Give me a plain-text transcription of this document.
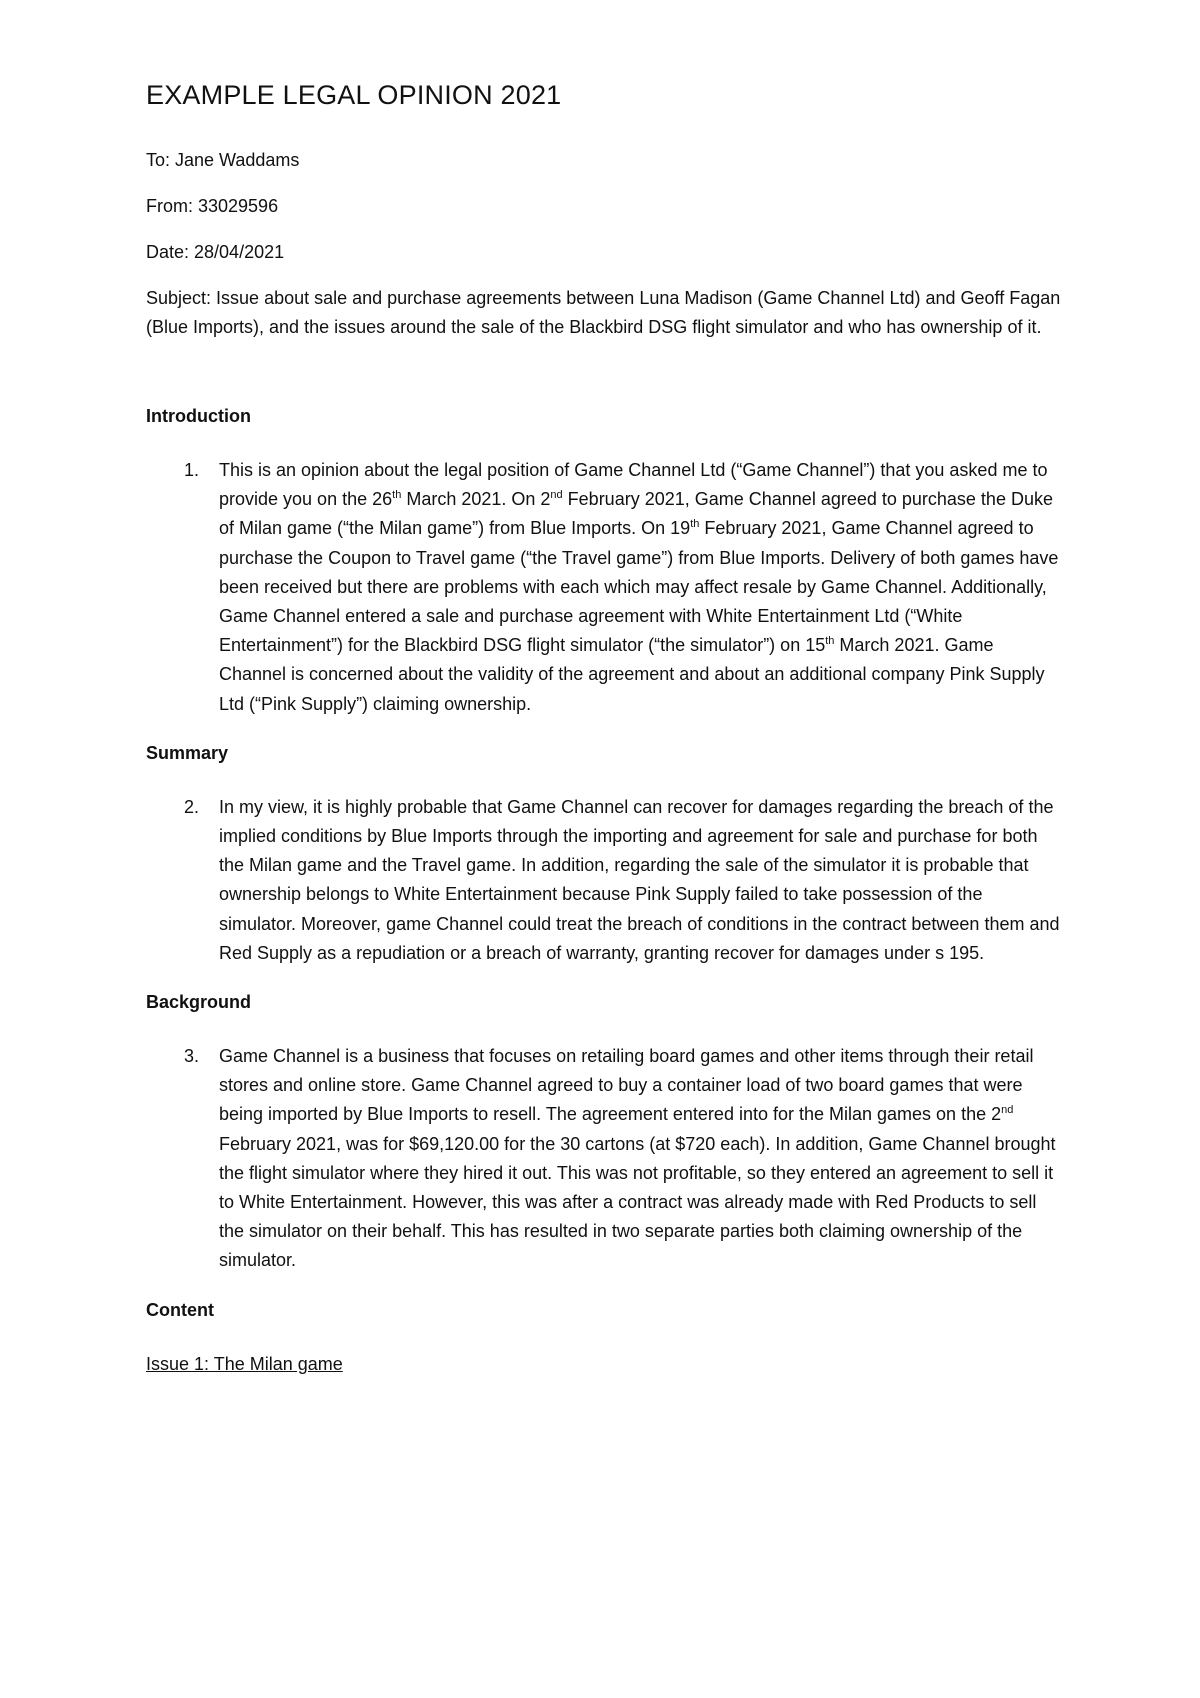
EXAMPLE LEGAL OPINION 2021
To: Jane Waddams
From: 33029596
Date: 28/04/2021
Subject: Issue about sale and purchase agreements between Luna Madison (Game Channel Ltd) and Geoff Fagan (Blue Imports), and the issues around the sale of the Blackbird DSG flight simulator and who has ownership of it.
Introduction
1. This is an opinion about the legal position of Game Channel Ltd (“Game Channel”) that you asked me to provide you on the 26th March 2021. On 2nd February 2021, Game Channel agreed to purchase the Duke of Milan game (“the Milan game”) from Blue Imports. On 19th February 2021, Game Channel agreed to purchase the Coupon to Travel game (“the Travel game”) from Blue Imports. Delivery of both games have been received but there are problems with each which may affect resale by Game Channel. Additionally, Game Channel entered a sale and purchase agreement with White Entertainment Ltd (“White Entertainment”) for the Blackbird DSG flight simulator (“the simulator”) on 15th March 2021. Game Channel is concerned about the validity of the agreement and about an additional company Pink Supply Ltd (“Pink Supply”) claiming ownership.
Summary
2. In my view, it is highly probable that Game Channel can recover for damages regarding the breach of the implied conditions by Blue Imports through the importing and agreement for sale and purchase for both the Milan game and the Travel game. In addition, regarding the sale of the simulator it is probable that ownership belongs to White Entertainment because Pink Supply failed to take possession of the simulator. Moreover, game Channel could treat the breach of conditions in the contract between them and Red Supply as a repudiation or a breach of warranty, granting recover for damages under s 195.
Background
3. Game Channel is a business that focuses on retailing board games and other items through their retail stores and online store. Game Channel agreed to buy a container load of two board games that were being imported by Blue Imports to resell. The agreement entered into for the Milan games on the 2nd February 2021, was for $69,120.00 for the 30 cartons (at $720 each). In addition, Game Channel brought the flight simulator where they hired it out. This was not profitable, so they entered an agreement to sell it to White Entertainment. However, this was after a contract was already made with Red Products to sell the simulator on their behalf. This has resulted in two separate parties both claiming ownership of the simulator.
Content
Issue 1: The Milan game
